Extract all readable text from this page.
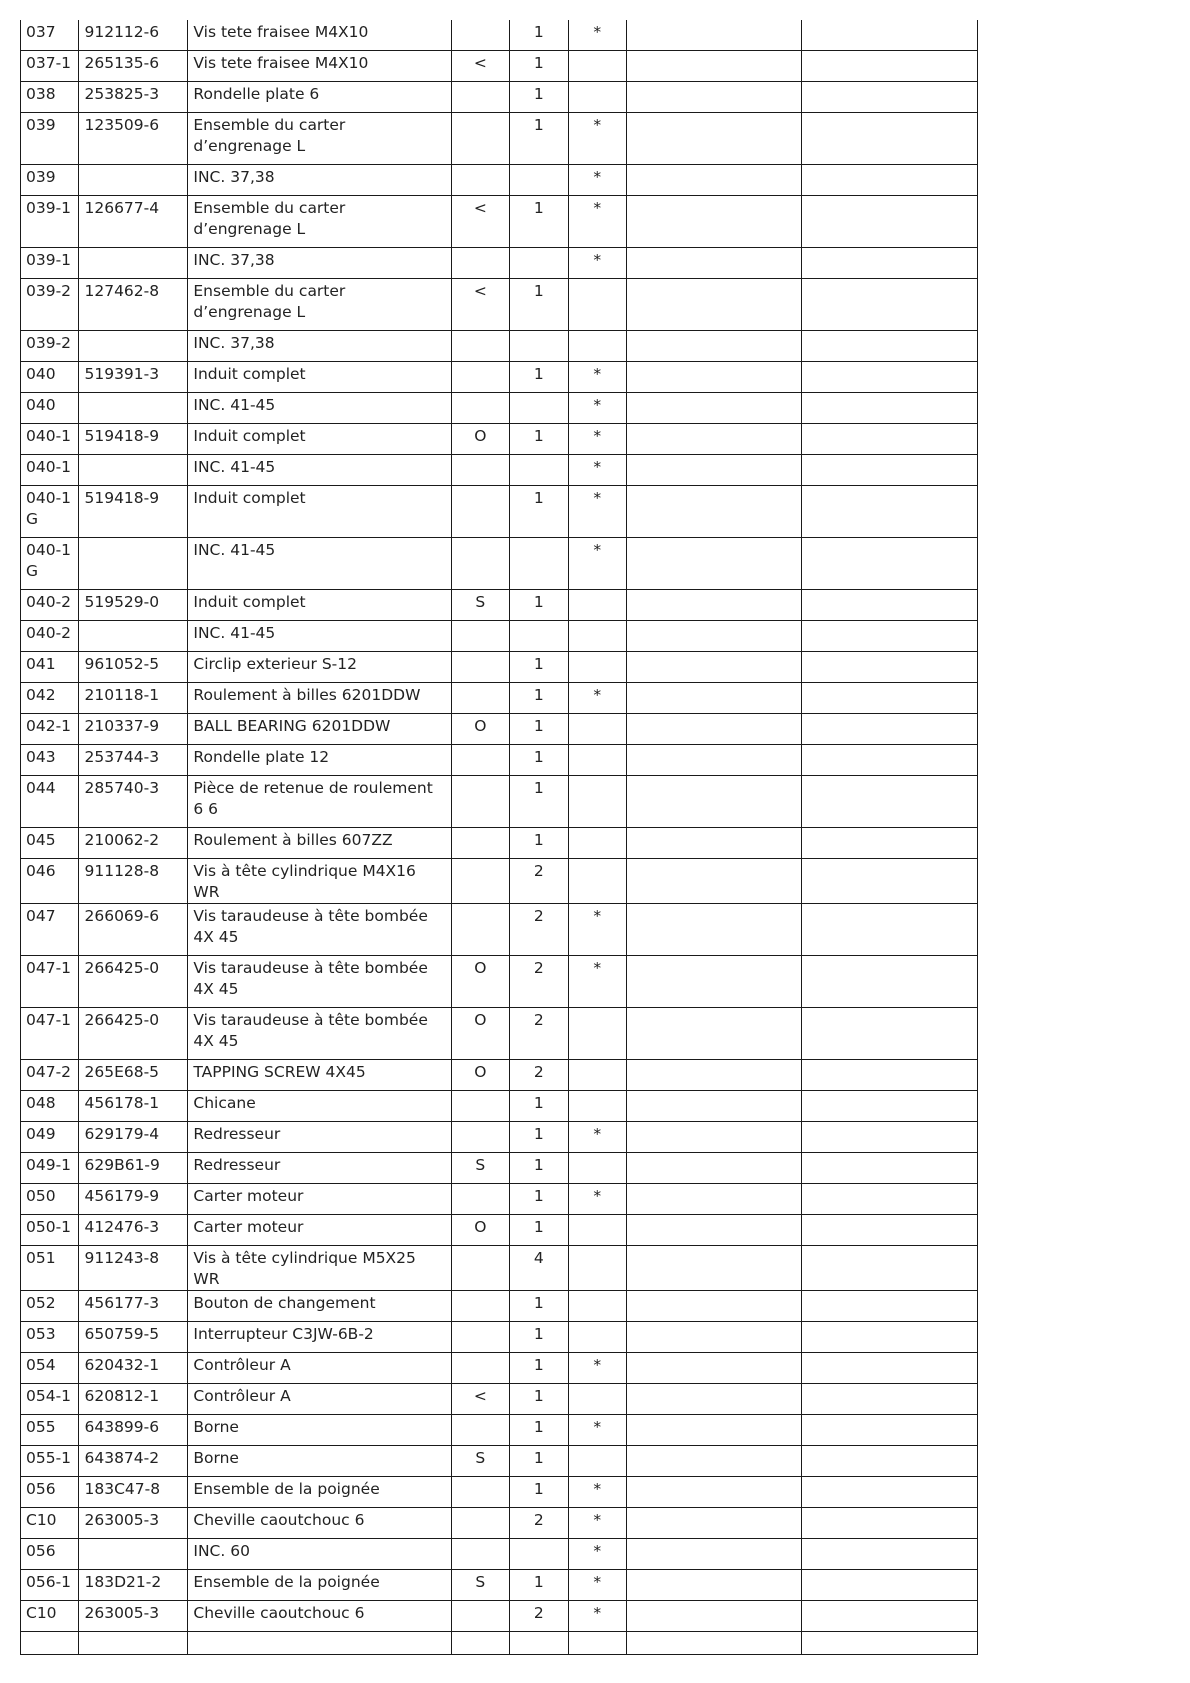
037	912112-6	Vis tete fraisee M4X10		1	*		
037-1	265135-6	Vis tete fraisee M4X10	<	1			
038	253825-3	Rondelle plate 6		1			
039	123509-6	Ensemble du carter d’engrenage L		1	*		
039		INC. 37,38			*		
039-1	126677-4	Ensemble du carter d’engrenage L	<	1	*		
039-1		INC. 37,38			*		
039-2	127462-8	Ensemble du carter d’engrenage L	<	1			
039-2		INC. 37,38					
040	519391-3	Induit complet		1	*		
040		INC. 41-45			*		
040-1	519418-9	Induit complet	O	1	*		
040-1		INC. 41-45			*		
040-1 G	519418-9	Induit complet		1	*		
040-1 G		INC. 41-45			*		
040-2	519529-0	Induit complet	S	1			
040-2		INC. 41-45					
041	961052-5	Circlip exterieur S-12		1			
042	210118-1	Roulement à billes 6201DDW		1	*		
042-1	210337-9	BALL BEARING 6201DDW	O	1			
043	253744-3	Rondelle plate 12		1			
044	285740-3	Pièce de retenue de roulement 6 6		1			
045	210062-2	Roulement à billes 607ZZ		1			
046	911128-8	Vis à tête cylindrique M4X16 WR		2			
047	266069-6	Vis taraudeuse à tête bombée 4X 45		2	*		
047-1	266425-0	Vis taraudeuse à tête bombée 4X 45	O	2	*		
047-1	266425-0	Vis taraudeuse à tête bombée 4X 45	O	2			
047-2	265E68-5	TAPPING SCREW 4X45	O	2			
048	456178-1	Chicane		1			
049	629179-4	Redresseur		1	*		
049-1	629B61-9	Redresseur	S	1			
050	456179-9	Carter moteur		1	*		
050-1	412476-3	Carter moteur	O	1			
051	911243-8	Vis à tête cylindrique M5X25 WR		4			
052	456177-3	Bouton de changement		1			
053	650759-5	Interrupteur C3JW-6B-2		1			
054	620432-1	Contrôleur A		1	*		
054-1	620812-1	Contrôleur A	<	1			
055	643899-6	Borne		1	*		
055-1	643874-2	Borne	S	1			
056	183C47-8	Ensemble de la poignée		1	*		
C10	263005-3	Cheville caoutchouc 6		2	*		
056		INC. 60			*		
056-1	183D21-2	Ensemble de la poignée	S	1	*		
C10	263005-3	Cheville caoutchouc 6		2	*		
